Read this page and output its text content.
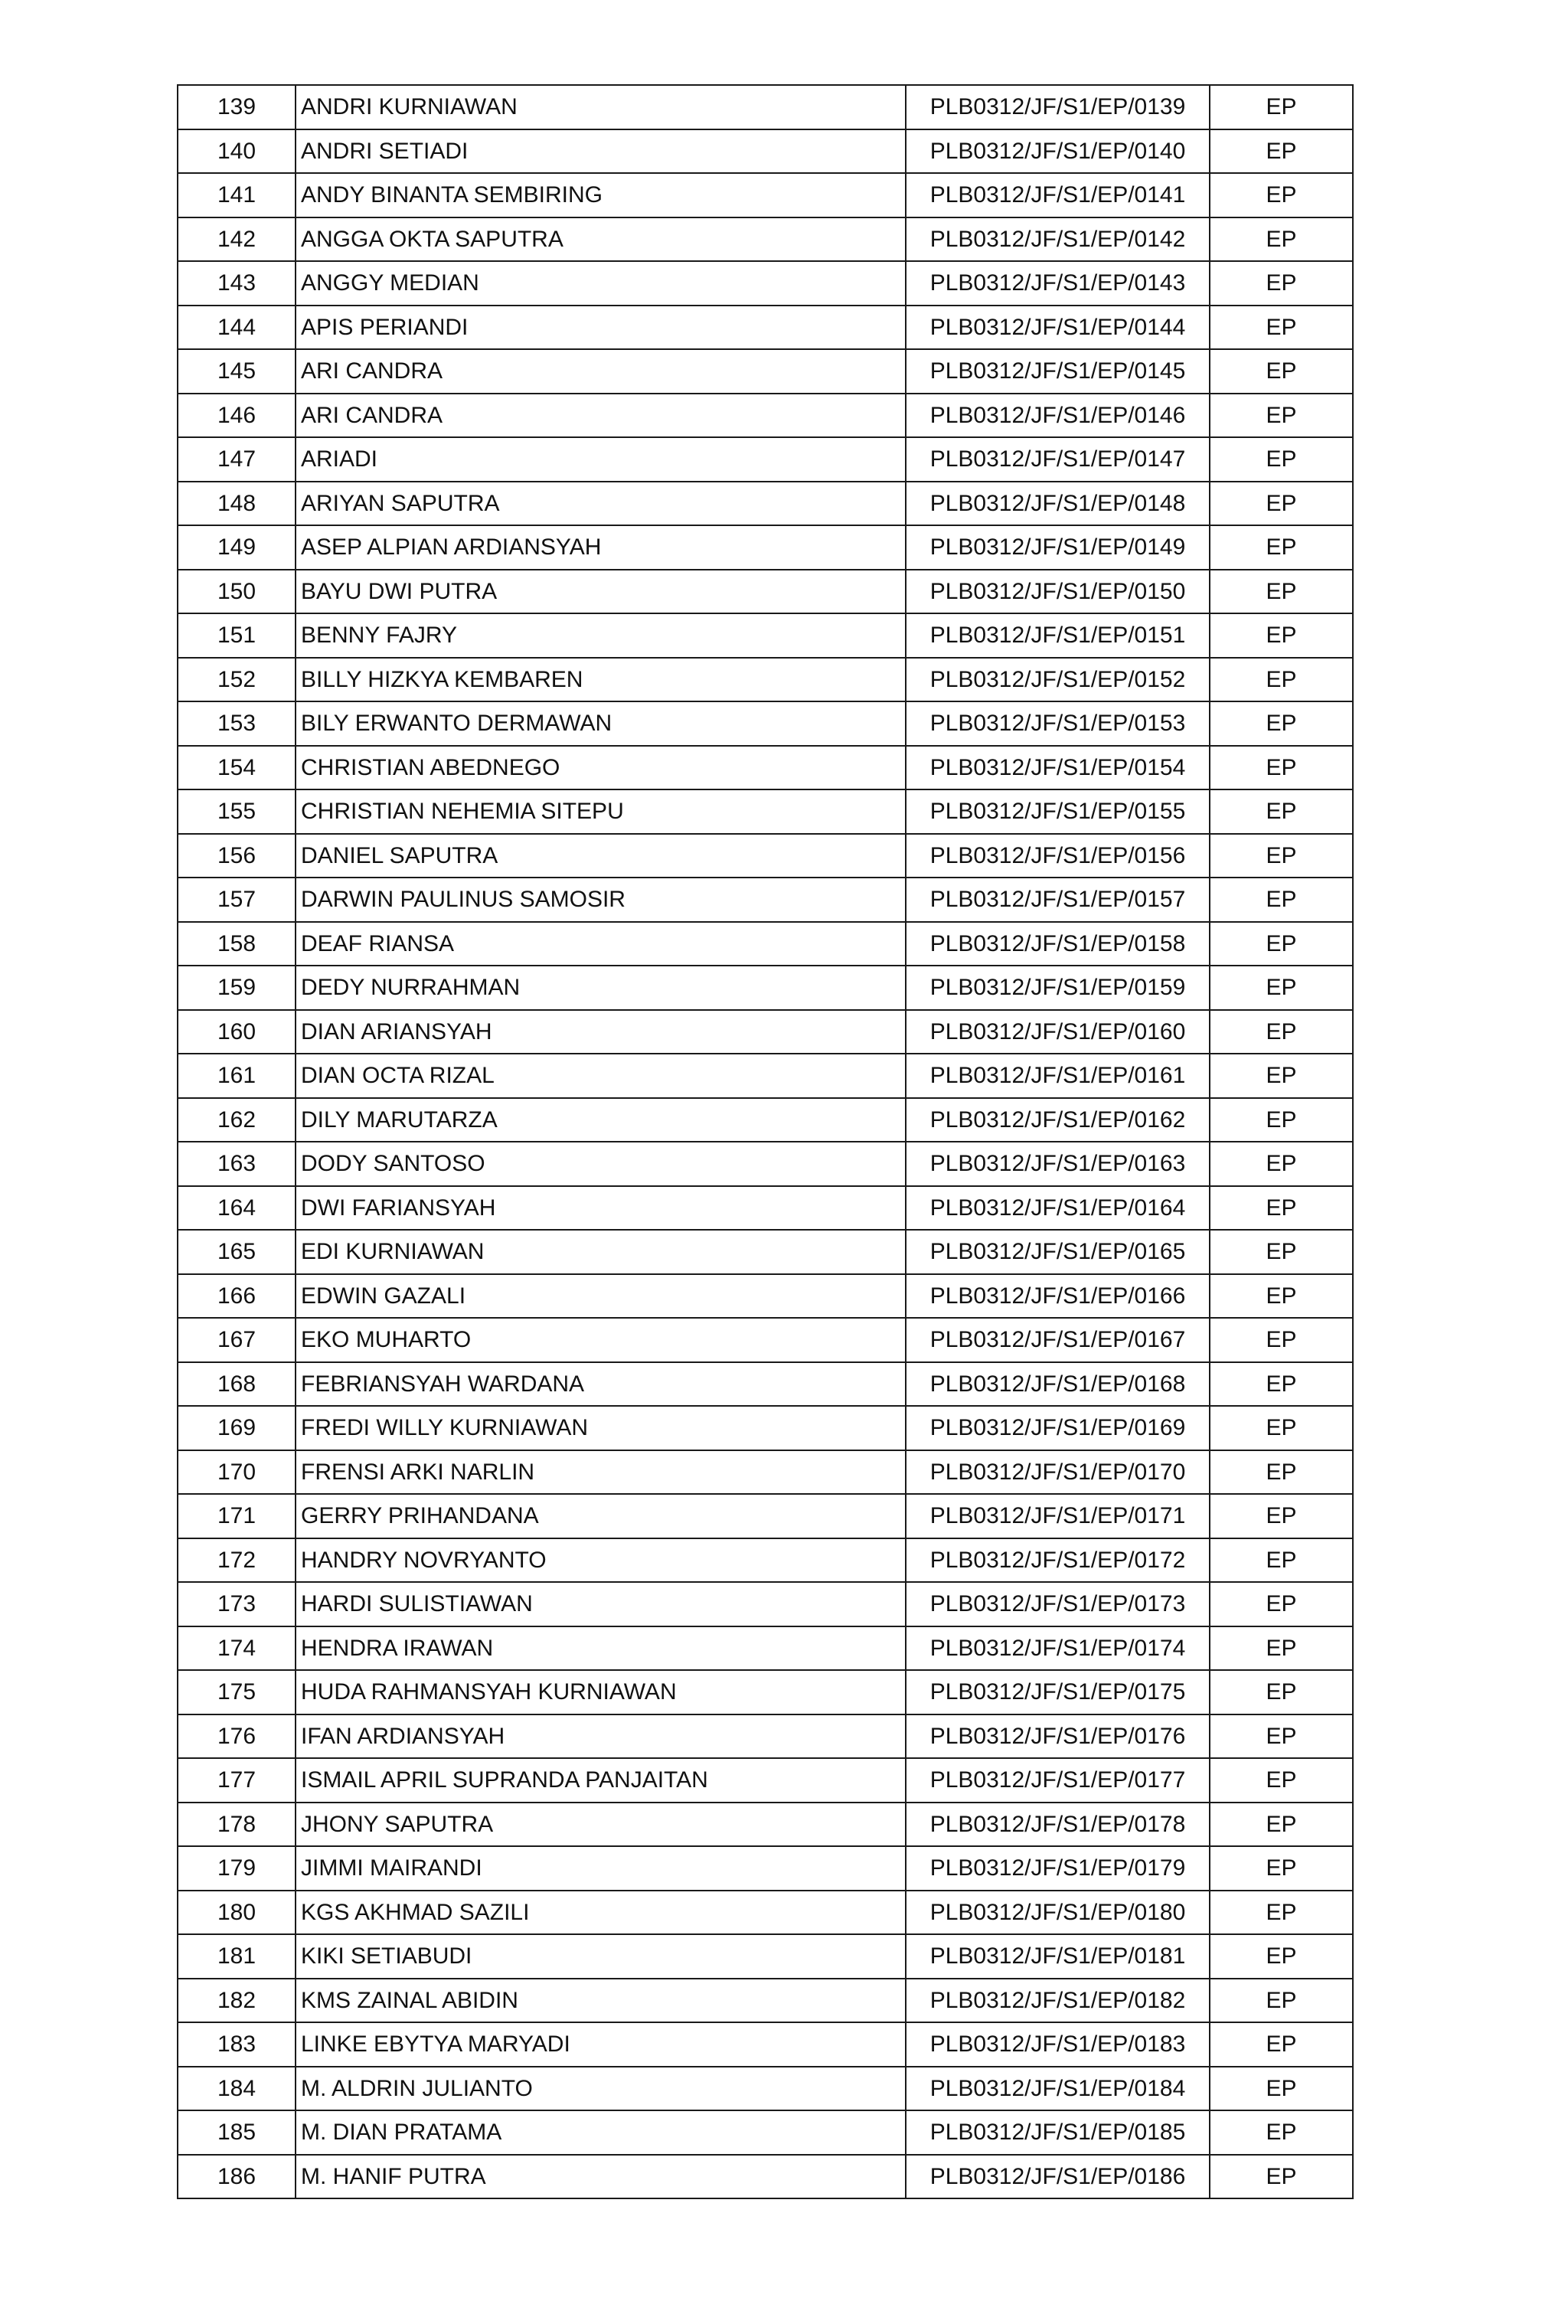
139	ANDRI KURNIAWAN	PLB0312/JF/S1/EP/0139	EP
140	ANDRI SETIADI	PLB0312/JF/S1/EP/0140	EP
141	ANDY BINANTA SEMBIRING	PLB0312/JF/S1/EP/0141	EP
142	ANGGA OKTA SAPUTRA	PLB0312/JF/S1/EP/0142	EP
143	ANGGY MEDIAN	PLB0312/JF/S1/EP/0143	EP
144	APIS PERIANDI	PLB0312/JF/S1/EP/0144	EP
145	ARI CANDRA	PLB0312/JF/S1/EP/0145	EP
146	ARI CANDRA	PLB0312/JF/S1/EP/0146	EP
147	ARIADI	PLB0312/JF/S1/EP/0147	EP
148	ARIYAN SAPUTRA	PLB0312/JF/S1/EP/0148	EP
149	ASEP ALPIAN ARDIANSYAH	PLB0312/JF/S1/EP/0149	EP
150	BAYU DWI PUTRA	PLB0312/JF/S1/EP/0150	EP
151	BENNY FAJRY	PLB0312/JF/S1/EP/0151	EP
152	BILLY HIZKYA KEMBAREN	PLB0312/JF/S1/EP/0152	EP
153	BILY ERWANTO DERMAWAN	PLB0312/JF/S1/EP/0153	EP
154	CHRISTIAN ABEDNEGO	PLB0312/JF/S1/EP/0154	EP
155	CHRISTIAN NEHEMIA SITEPU	PLB0312/JF/S1/EP/0155	EP
156	DANIEL SAPUTRA	PLB0312/JF/S1/EP/0156	EP
157	DARWIN PAULINUS SAMOSIR	PLB0312/JF/S1/EP/0157	EP
158	DEAF RIANSA	PLB0312/JF/S1/EP/0158	EP
159	DEDY NURRAHMAN	PLB0312/JF/S1/EP/0159	EP
160	DIAN ARIANSYAH	PLB0312/JF/S1/EP/0160	EP
161	DIAN OCTA RIZAL	PLB0312/JF/S1/EP/0161	EP
162	DILY MARUTARZA	PLB0312/JF/S1/EP/0162	EP
163	DODY SANTOSO	PLB0312/JF/S1/EP/0163	EP
164	DWI FARIANSYAH	PLB0312/JF/S1/EP/0164	EP
165	EDI KURNIAWAN	PLB0312/JF/S1/EP/0165	EP
166	EDWIN GAZALI	PLB0312/JF/S1/EP/0166	EP
167	EKO MUHARTO	PLB0312/JF/S1/EP/0167	EP
168	FEBRIANSYAH WARDANA	PLB0312/JF/S1/EP/0168	EP
169	FREDI WILLY KURNIAWAN	PLB0312/JF/S1/EP/0169	EP
170	FRENSI ARKI NARLIN	PLB0312/JF/S1/EP/0170	EP
171	GERRY PRIHANDANA	PLB0312/JF/S1/EP/0171	EP
172	HANDRY NOVRYANTO	PLB0312/JF/S1/EP/0172	EP
173	HARDI SULISTIAWAN	PLB0312/JF/S1/EP/0173	EP
174	HENDRA IRAWAN	PLB0312/JF/S1/EP/0174	EP
175	HUDA RAHMANSYAH KURNIAWAN	PLB0312/JF/S1/EP/0175	EP
176	IFAN ARDIANSYAH	PLB0312/JF/S1/EP/0176	EP
177	ISMAIL APRIL SUPRANDA PANJAITAN	PLB0312/JF/S1/EP/0177	EP
178	JHONY SAPUTRA	PLB0312/JF/S1/EP/0178	EP
179	JIMMI MAIRANDI	PLB0312/JF/S1/EP/0179	EP
180	KGS AKHMAD SAZILI	PLB0312/JF/S1/EP/0180	EP
181	KIKI SETIABUDI	PLB0312/JF/S1/EP/0181	EP
182	KMS ZAINAL ABIDIN	PLB0312/JF/S1/EP/0182	EP
183	LINKE EBYTYA MARYADI	PLB0312/JF/S1/EP/0183	EP
184	M. ALDRIN JULIANTO	PLB0312/JF/S1/EP/0184	EP
185	M. DIAN PRATAMA	PLB0312/JF/S1/EP/0185	EP
186	M. HANIF PUTRA	PLB0312/JF/S1/EP/0186	EP
